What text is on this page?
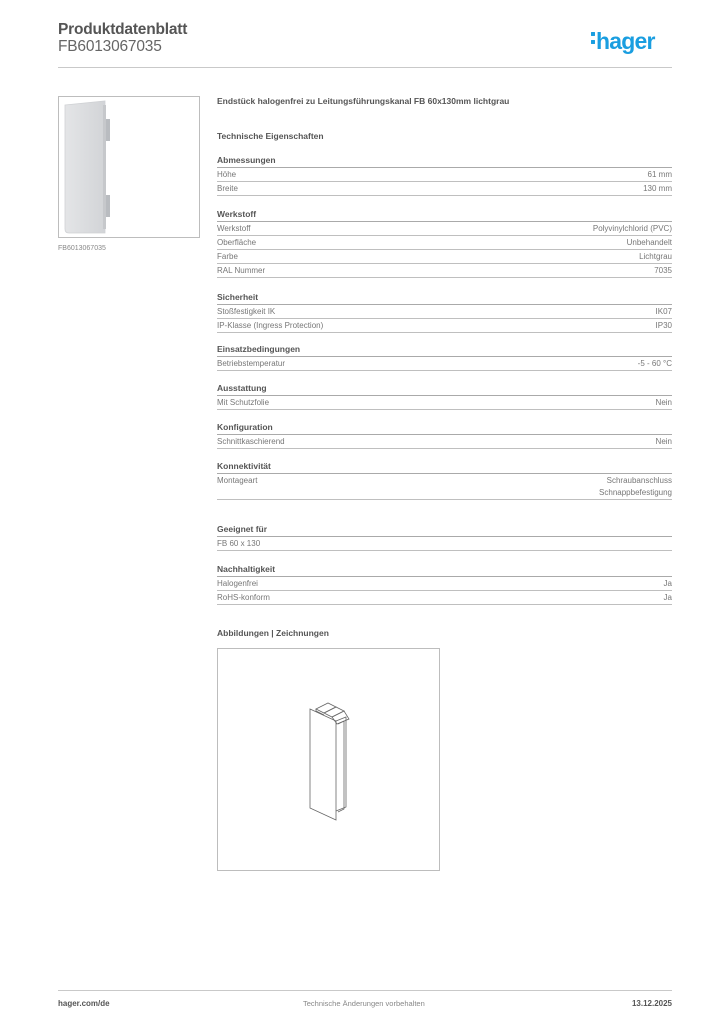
Produktdatenblatt
FB6013067035	hager
FB6013067035
Endstück halogenfrei zu Leitungsführungskanal FB 60x130mm lichtgrau
Technische Eigenschaften
Abmessungen
Höhe	61 mm
Breite	130 mm
Werkstoff
Werkstoff	Polyvinylchlorid (PVC)
Oberfläche	Unbehandelt
Farbe	Lichtgrau
RAL Nummer	7035
Sicherheit
Stoßfestigkeit IK	IK07
IP-Klasse (Ingress Protection)	IP30
Einsatzbedingungen
Betriebstemperatur	-5 - 60 °C
Ausstattung
Mit Schutzfolie	Nein
Konfiguration
Schnittkaschierend	Nein
Konnektivität
Montageart	Schraubanschluss
Schnappbefestigung
Geeignet für
FB 60 x 130
Nachhaltigkeit
Halogenfrei	Ja
RoHS-konform	Ja
Abbildungen | Zeichnungen
hager.com/de	Technische Änderungen vorbehalten	13.12.2025
